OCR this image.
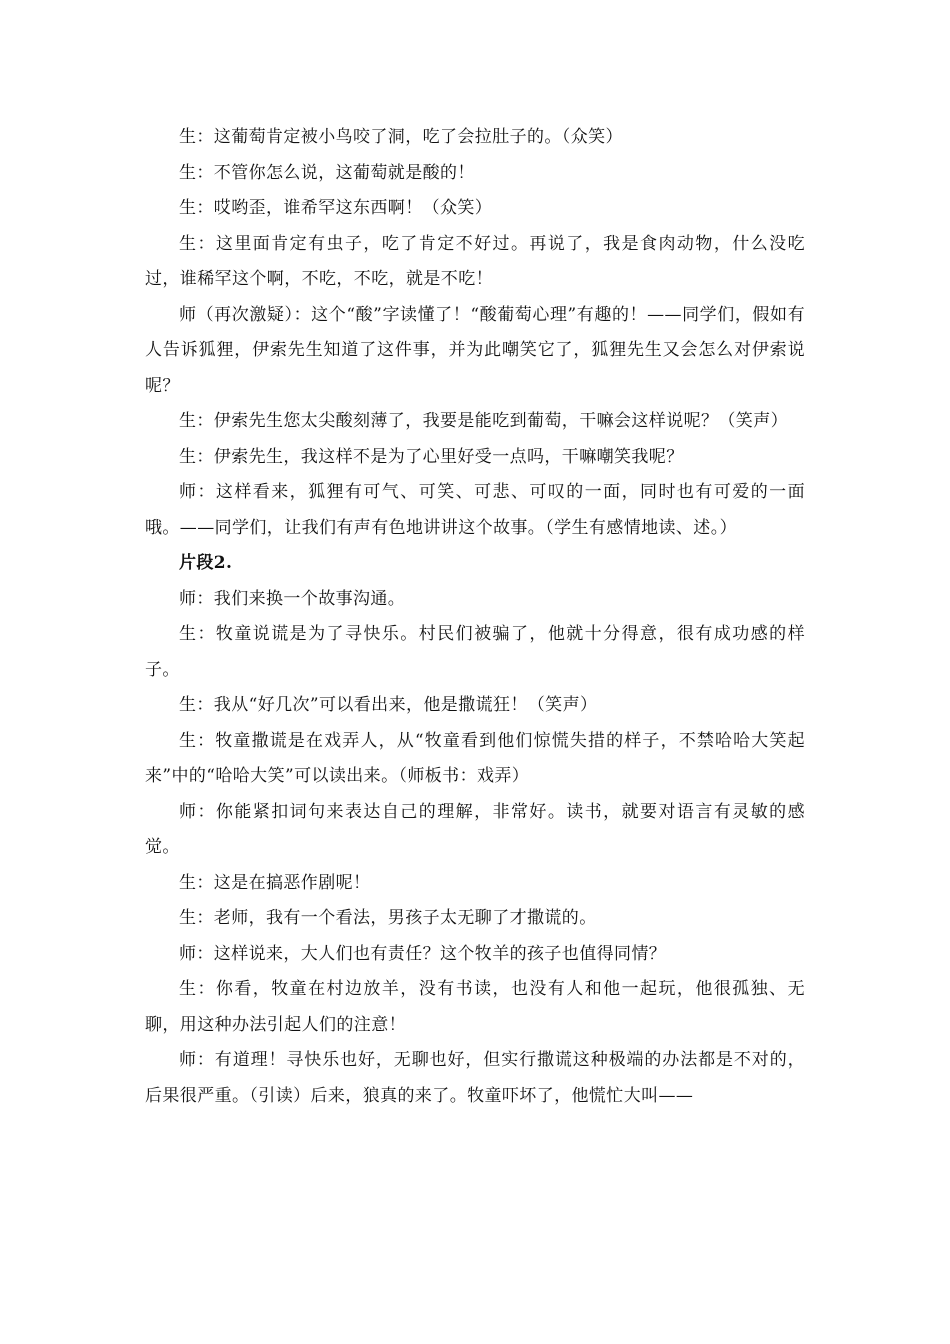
生：这葡萄肯定被小鸟咬了洞，吃了会拉肚子的。（众笑）

生：不管你怎么说，这葡萄就是酸的！

生：哎哟歪，谁希罕这东西啊！（众笑）

生：这里面肯定有虫子，吃了肯定不好过。再说了，我是食肉动物，什么没吃过，谁稀罕这个啊，不吃，不吃，就是不吃！

师（再次激疑）：这个“酸”字读懂了！“酸葡萄心理”有趣的！——同学们，假如有人告诉狐狸，伊索先生知道了这件事，并为此嘲笑它了，狐狸先生又会怎么对伊索说呢？

生：伊索先生您太尖酸刻薄了，我要是能吃到葡萄，干嘛会这样说呢？（笑声）

生：伊索先生，我这样不是为了心里好受一点吗，干嘛嘲笑我呢？

师：这样看来，狐狸有可气、可笑、可悲、可叹的一面，同时也有可爱的一面哦。——同学们，让我们有声有色地讲讲这个故事。（学生有感情地读、述。）

片段2.

师：我们来换一个故事沟通。

生：牧童说谎是为了寻快乐。村民们被骗了，他就十分得意，很有成功感的样子。

生：我从“好几次”可以看出来，他是撒谎狂！（笑声）

生：牧童撒谎是在戏弄人，从“牧童看到他们惊慌失措的样子，不禁哈哈大笑起来”中的“哈哈大笑”可以读出来。（师板书：戏弄）

师：你能紧扣词句来表达自己的理解，非常好。读书，就要对语言有灵敏的感觉。

生：这是在搞恶作剧呢！

生：老师，我有一个看法，男孩子太无聊了才撒谎的。

师：这样说来，大人们也有责任？这个牧羊的孩子也值得同情？

生：你看，牧童在村边放羊，没有书读，也没有人和他一起玩，他很孤独、无聊，用这种办法引起人们的注意！

师：有道理！寻快乐也好，无聊也好，但实行撒谎这种极端的办法都是不对的，后果很严重。（引读）后来，狼真的来了。牧童吓坏了，他慌忙大叫——
